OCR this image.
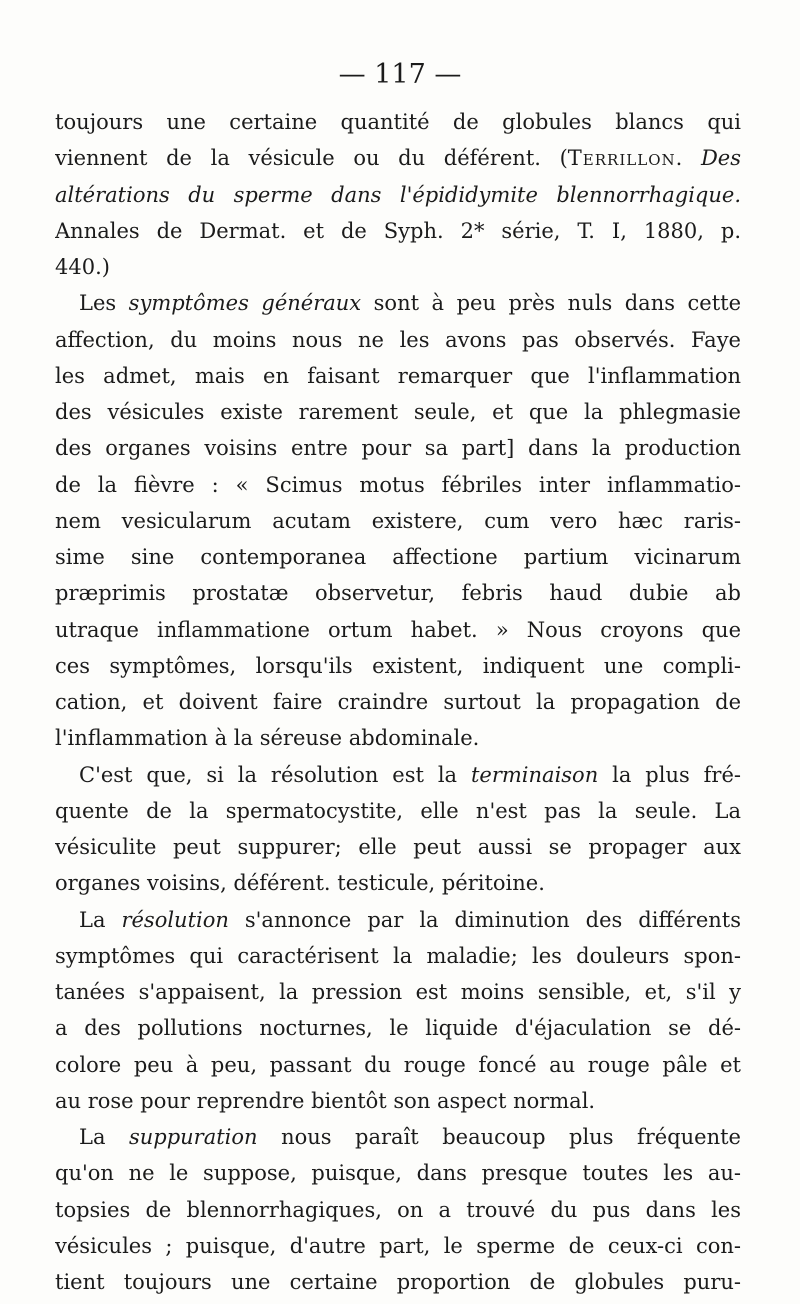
— 117 —
toujours une certaine quantité de globules blancs qui
viennent de la vésicule ou du déférent. (Terrillon. Des
altérations du sperme dans l'épididymite blennorrhagique.
Annales de Dermat. et de Syph. 2* série, T. I, 1880, p.
440.)
Les symptômes généraux sont à peu près nuls dans cette
affection, du moins nous ne les avons pas observés. Faye
les admet, mais en faisant remarquer que l'inflammation
des vésicules existe rarement seule, et que la phlegmasie
des organes voisins entre pour sa part] dans la production
de la fièvre : « Scimus motus fébriles inter inflammatio-
nem vesicularum acutam existere, cum vero hæc raris-
sime sine contemporanea affectione partium vicinarum
præprimis prostatæ observetur, febris haud dubie ab
utraque inflammatione ortum habet. » Nous croyons que
ces symptômes, lorsqu'ils existent, indiquent une compli-
cation, et doivent faire craindre surtout la propagation de
l'inflammation à la séreuse abdominale.
C'est que, si la résolution est la terminaison la plus fré-
quente de la spermatocystite, elle n'est pas la seule. La
vésiculite peut suppurer; elle peut aussi se propager aux
organes voisins, déférent. testicule, péritoine.
La résolution s'annonce par la diminution des différents
symptômes qui caractérisent la maladie; les douleurs spon-
tanées s'appaisent, la pression est moins sensible, et, s'il y
a des pollutions nocturnes, le liquide d'éjaculation se dé-
colore peu à peu, passant du rouge foncé au rouge pâle et
au rose pour reprendre bientôt son aspect normal.
La suppuration nous paraît beaucoup plus fréquente
qu'on ne le suppose, puisque, dans presque toutes les au-
topsies de blennorrhagiques, on a trouvé du pus dans les
vésicules ; puisque, d'autre part, le sperme de ceux-ci con-
tient toujours une certaine proportion de globules puru-
